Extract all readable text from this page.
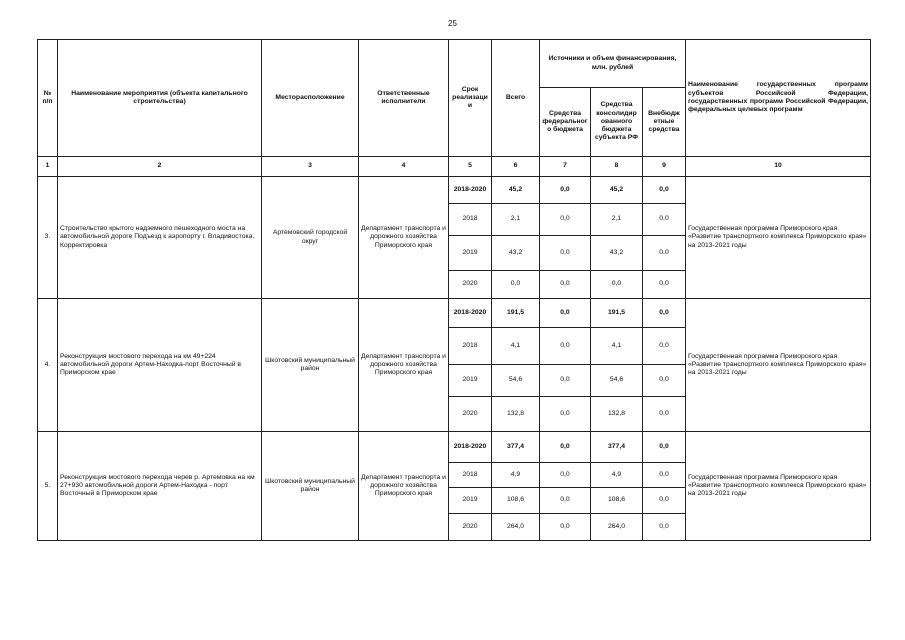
25
№ п/п	Наименование мероприятия (объекта капитального строительства)	Месторасположение	Ответственные исполнители	Срок реализаци и	Всего	Источники и объем финансирования, млн. рублей			Наименование государственных программ субъектов Российской Федерации, государственных программ Российской Федерации, федеральных целевых программ
						Средства федеральног о бюджета	Средства консолидир ованного бюджета субъекта РФ	Внебюдж етные средства	
1	2	3	4	5	6	7	8	9	10
3.	Строительство крытого надземного пешеходного моста на автомобильной дороге Подъезд к аэропорту г. Владивостока. Корректировка	Артемовский городской округ	Департамент транспорта и дорожного хозяйства Приморского края	2018-2020	45,2	0,0	45,2	0,0	Государственная программа Приморского края «Развитие транспортного комплекса Приморского края» на 2013-2021 годы
				2018	2,1	0,0	2,1	0,0	
				2019	43,2	0,0	43,2	0,0	
				2020	0,0	0,0	0,0	0,0	
4.	Реконструкция мостового перехода на км 49+224 автомобильной дороги Артем-Находка-порт Восточный в Приморском крае	Шкотовский муниципальный район	Департамент транспорта и дорожного хозяйства Приморского края	2018-2020	191,5	0,0	191,5	0,0	Государственная программа Приморского края «Развитие транспортного комплекса Приморского края» на 2013-2021 годы
				2018	4,1	0,0	4,1	0,0	
				2019	54,6	0,0	54,6	0,0	
				2020	132,8	0,0	132,8	0,0	
5.	Реконструкция мостового перехода черев р. Артемовка на км 27+930 автомобильной дороги Артем-Находка - порт Восточный в Приморском крае	Шкотовский муниципальный район	Департамент транспорта и дорожного хозяйства Приморского края	2018-2020	377,4	0,0	377,4	0,0	Государственная программа Приморского края «Развитие транспортного комплекса Приморского края» на 2013-2021 годы
				2018	4,9	0,0	4,9	0,0	
				2019	108,6	0,0	108,6	0,0	
				2020	264,0	0,0	264,0	0,0	
